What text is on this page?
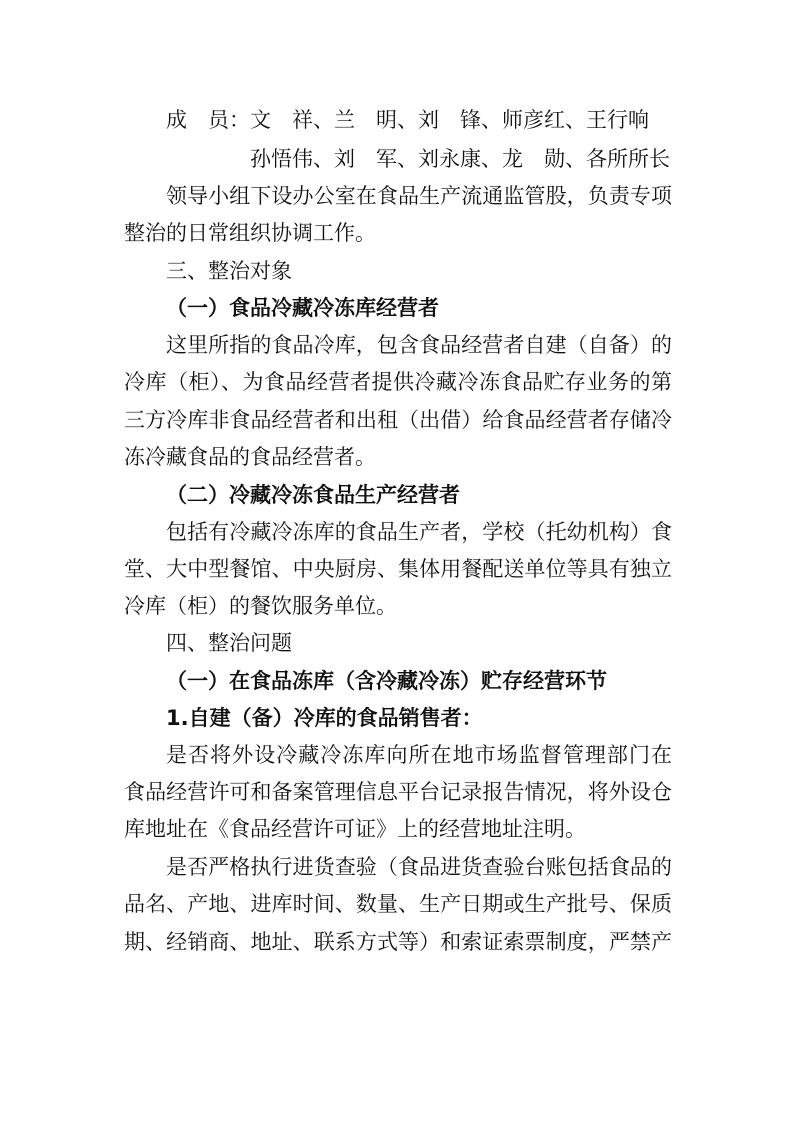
成　员：文　祥、兰　明、刘　锋、师彦红、王行响
孙悟伟、刘　军、刘永康、龙　勋、各所所长
领导小组下设办公室在食品生产流通监管股，负责专项
整治的日常组织协调工作。
三、整治对象
（一）食品冷藏冷冻库经营者
这里所指的食品冷库，包含食品经营者自建（自备）的
冷库（柜）、为食品经营者提供冷藏冷冻食品贮存业务的第
三方冷库非食品经营者和出租（出借）给食品经营者存储冷
冻冷藏食品的食品经营者。
（二）冷藏冷冻食品生产经营者
包括有冷藏冷冻库的食品生产者，学校（托幼机构）食
堂、大中型餐馆、中央厨房、集体用餐配送单位等具有独立
冷库（柜）的餐饮服务单位。
四、整治问题
（一）在食品冻库（含冷藏冷冻）贮存经营环节
1.自建（备）冷库的食品销售者：
是否将外设冷藏冷冻库向所在地市场监督管理部门在
食品经营许可和备案管理信息平台记录报告情况，将外设仓
库地址在《食品经营许可证》上的经营地址注明。
是否严格执行进货查验（食品进货查验台账包括食品的
品名、产地、进库时间、数量、生产日期或生产批号、保质
期、经销商、地址、联系方式等）和索证索票制度，严禁产
